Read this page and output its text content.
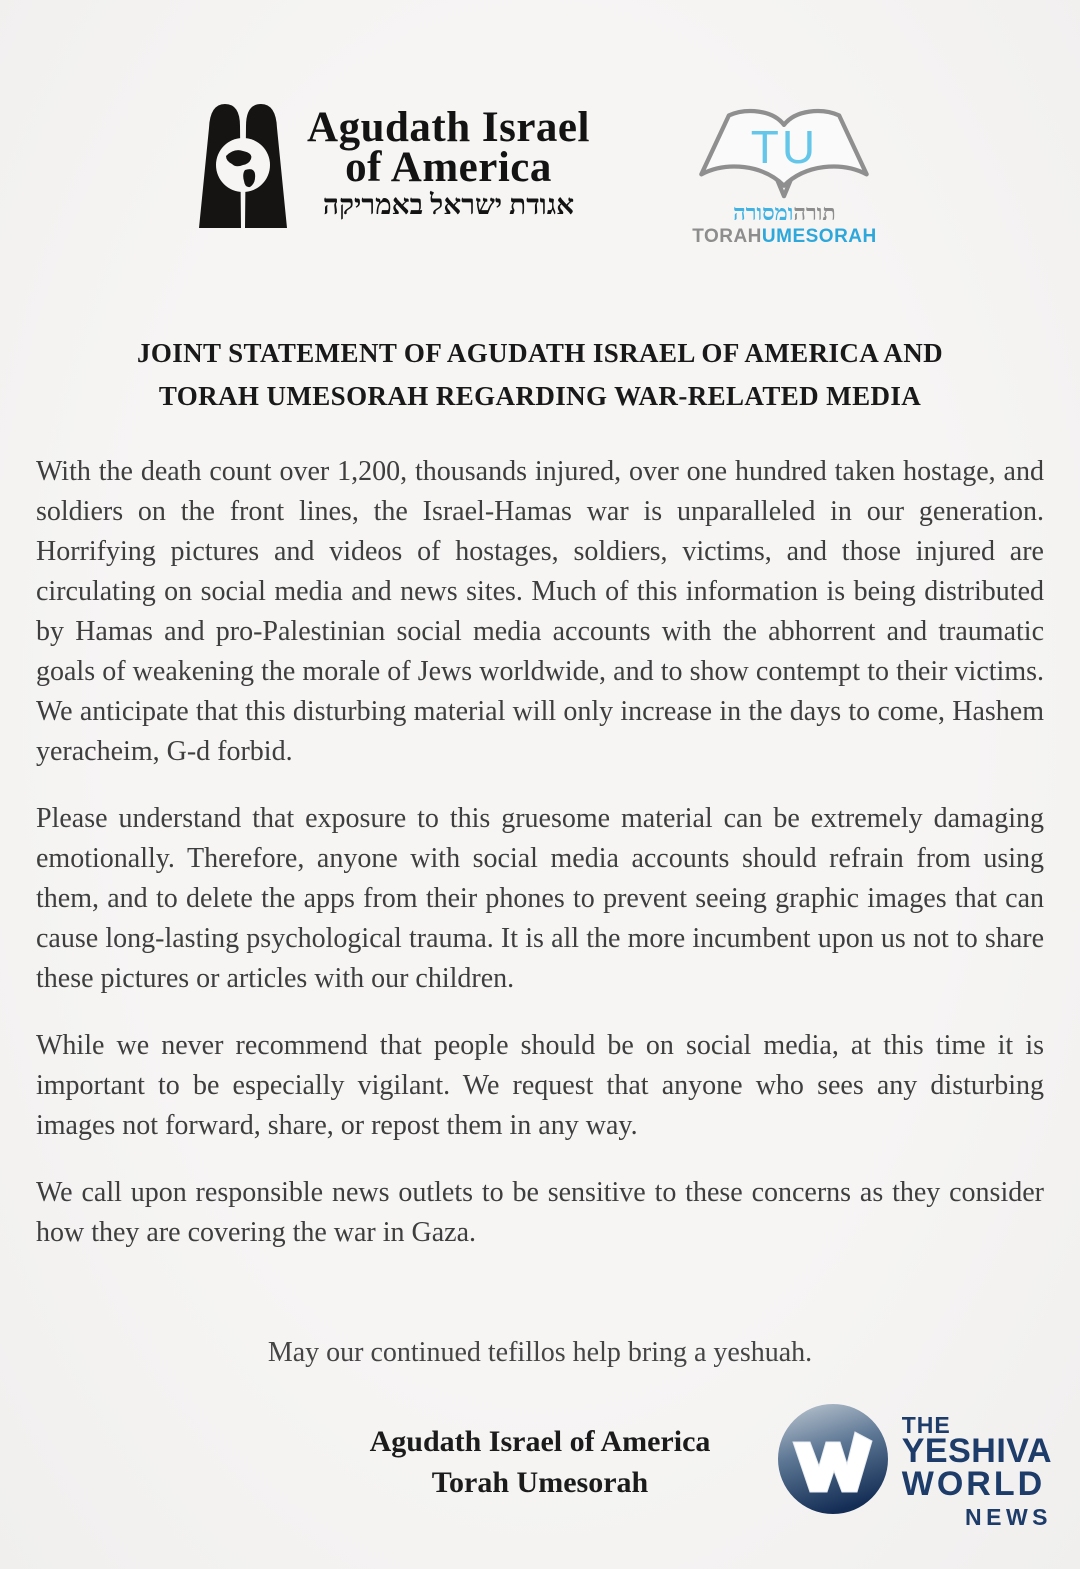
Agudath Israel
of America
אגודת ישראל באמריקה
TU
תורהומסורה
TORAHUMESORAH
JOINT STATEMENT OF AGUDATH ISRAEL OF AMERICA AND
TORAH UMESORAH REGARDING WAR-RELATED MEDIA

With the death count over 1,200, thousands injured, over one hundred taken hostage, and soldiers on the front lines, the Israel-Hamas war is unparalleled in our generation. Horrifying pictures and videos of hostages, soldiers, victims, and those injured are circulating on social media and news sites. Much of this information is being distributed by Hamas and pro-Palestinian social media accounts with the abhorrent and traumatic goals of weakening the morale of Jews worldwide, and to show contempt to their victims. We anticipate that this disturbing material will only increase in the days to come, Hashem yeracheim, G-d forbid.

Please understand that exposure to this gruesome material can be extremely damaging emotionally. Therefore, anyone with social media accounts should refrain from using them, and to delete the apps from their phones to prevent seeing graphic images that can cause long-lasting psychological trauma. It is all the more incumbent upon us not to share these pictures or articles with our children.

While we never recommend that people should be on social media, at this time it is important to be especially vigilant. We request that anyone who sees any disturbing images not forward, share, or repost them in any way.

We call upon responsible news outlets to be sensitive to these concerns as they consider how they are covering the war in Gaza.

May our continued tefillos help bring a yeshuah.
Agudath Israel of America
Torah Umesorah
THE
YESHIVA
WORLD
NEWS
